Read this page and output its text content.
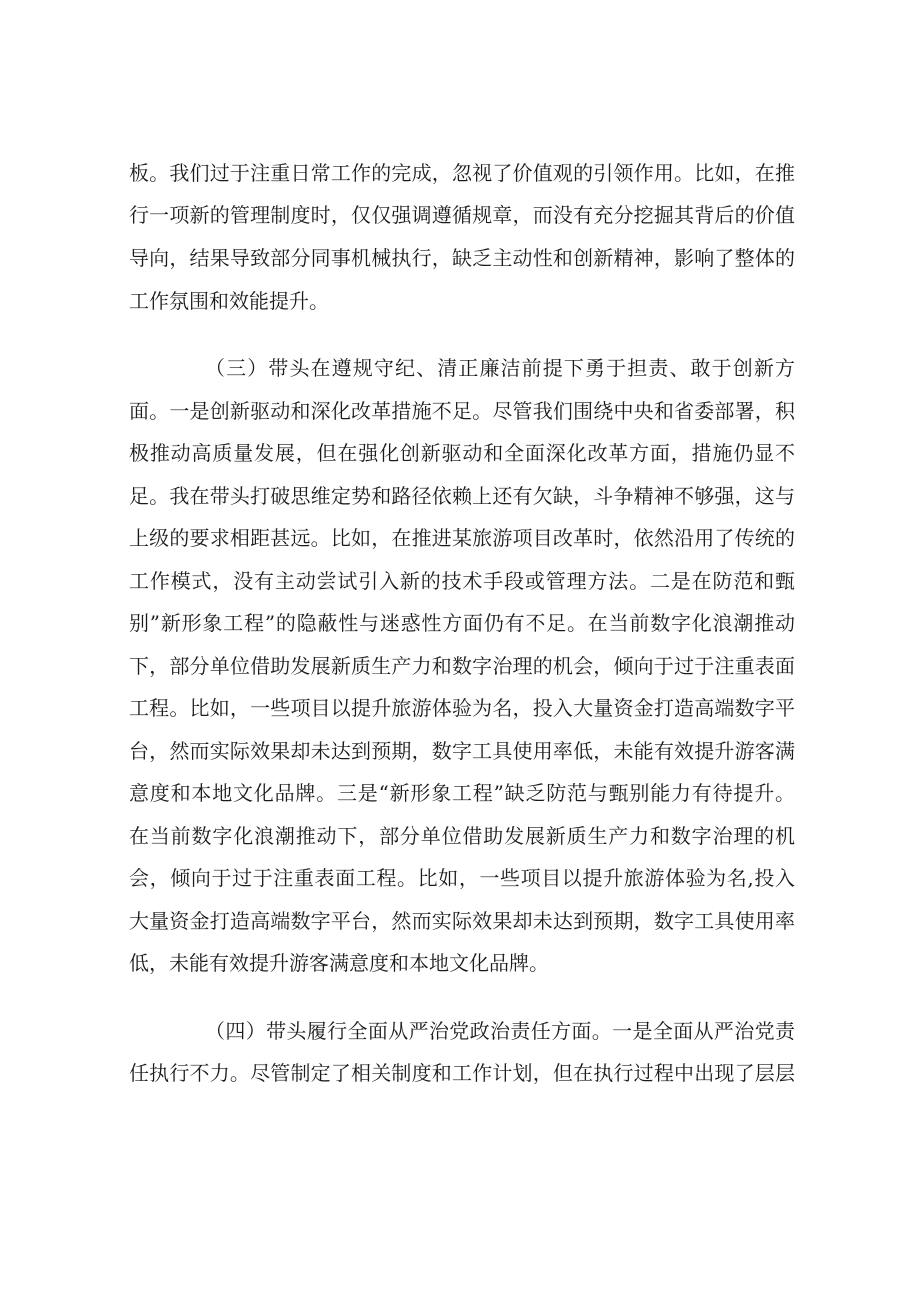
板。我们过于注重日常工作的完成，忽视了价值观的引领作用。比如，在推
行一项新的管理制度时，仅仅强调遵循规章，而没有充分挖掘其背后的价值
导向，结果导致部分同事机械执行，缺乏主动性和创新精神，影响了整体的
工作氛围和效能提升。
（三）带头在遵规守纪、清正廉洁前提下勇于担责、敢于创新方
面。一是创新驱动和深化改革措施不足。尽管我们围绕中央和省委部署，积
极推动高质量发展，但在强化创新驱动和全面深化改革方面，措施仍显不
足。我在带头打破思维定势和路径依赖上还有欠缺，斗争精神不够强，这与
上级的要求相距甚远。比如，在推进某旅游项目改革时，依然沿用了传统的
工作模式，没有主动尝试引入新的技术手段或管理方法。二是在防范和甄
别”新形象工程”的隐蔽性与迷惑性方面仍有不足。在当前数字化浪潮推动
下，部分单位借助发展新质生产力和数字治理的机会，倾向于过于注重表面
工程。比如，一些项目以提升旅游体验为名，投入大量资金打造高端数字平
台，然而实际效果却未达到预期，数字工具使用率低，未能有效提升游客满
意度和本地文化品牌。三是“新形象工程”缺乏防范与甄别能力有待提升。
在当前数字化浪潮推动下，部分单位借助发展新质生产力和数字治理的机
会，倾向于过于注重表面工程。比如，一些项目以提升旅游体验为名,投入
大量资金打造高端数字平台，然而实际效果却未达到预期，数字工具使用率
低，未能有效提升游客满意度和本地文化品牌。
（四）带头履行全面从严治党政治责任方面。一是全面从严治党责
任执行不力。尽管制定了相关制度和工作计划，但在执行过程中出现了层层
